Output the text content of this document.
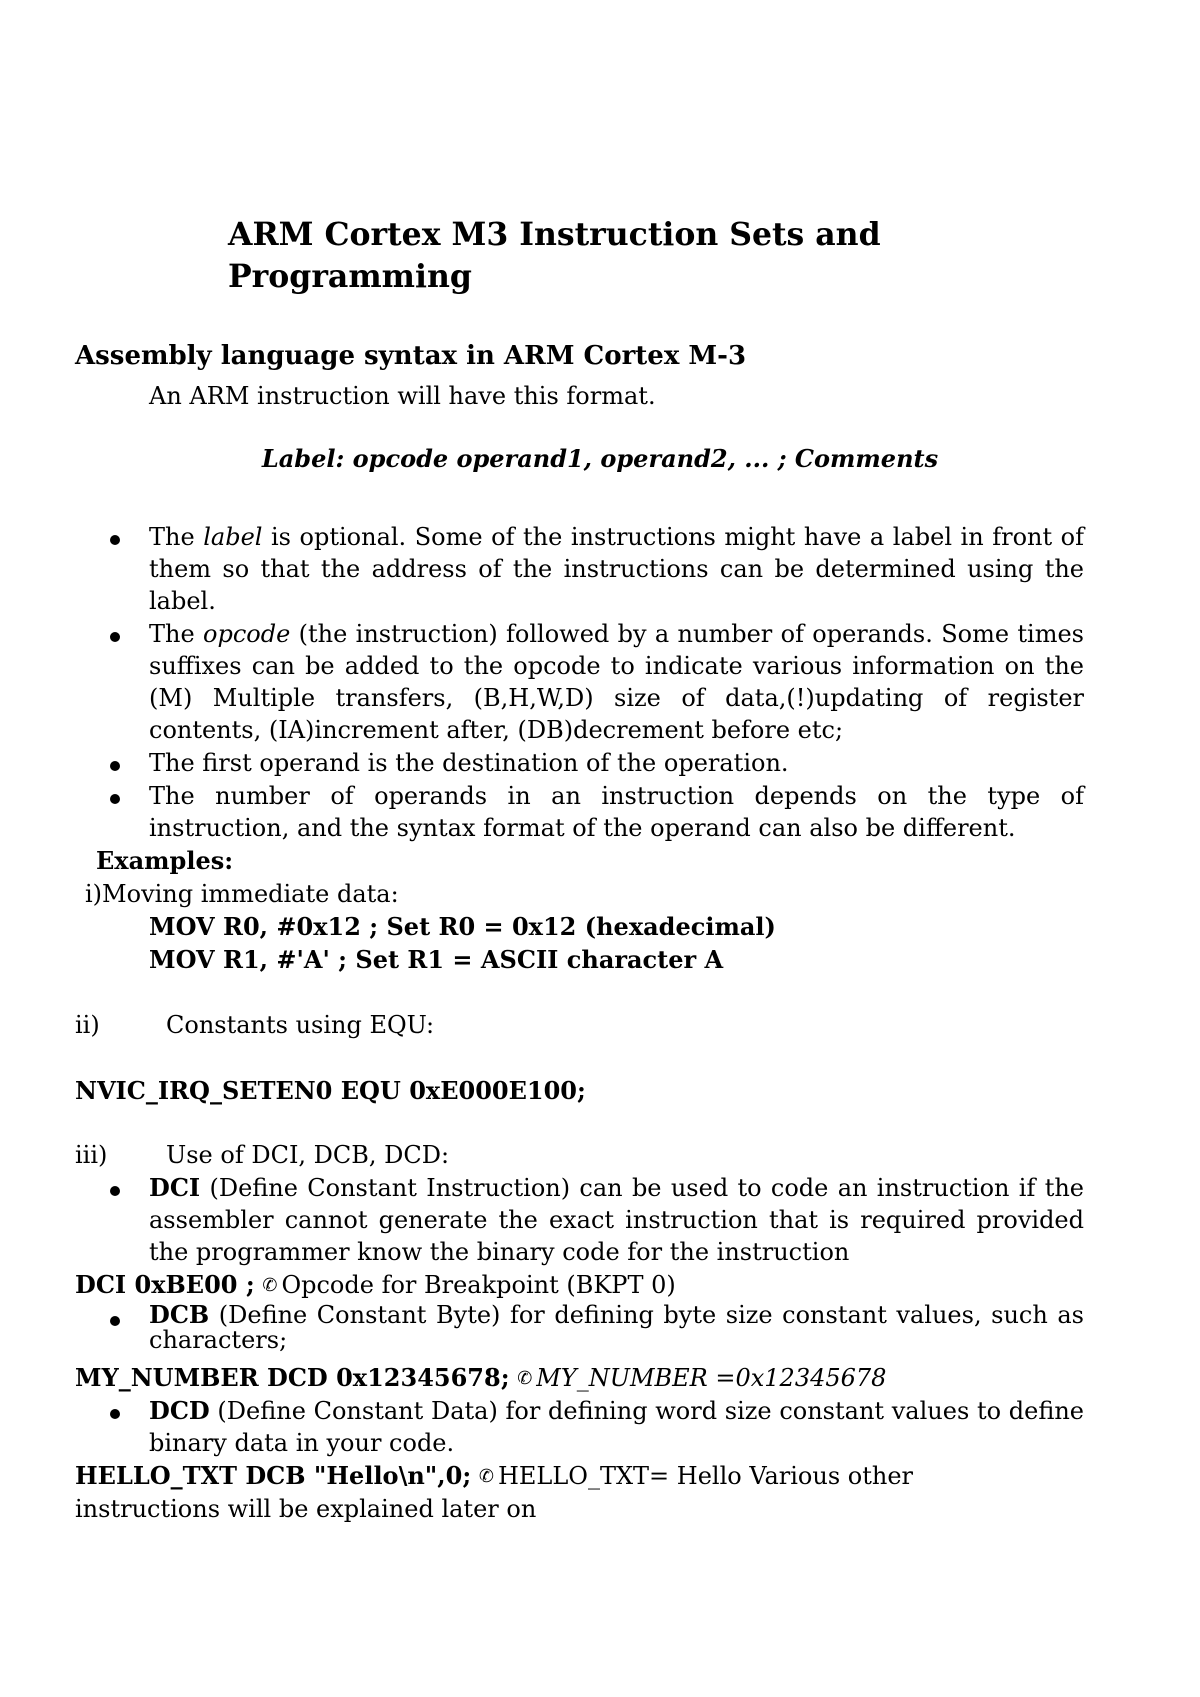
ARM Cortex M3 Instruction Sets and
Programming
Assembly language syntax in ARM Cortex M-3
An ARM instruction will have this format.
Label: opcode operand1, operand2, ... ; Comments
The label is optional. Some of the instructions might have a label in front of them so that the address of the instructions can be determined using the label.
The opcode (the instruction) followed by a number of operands. Some times suffixes can be added to the opcode to indicate various information on the (M) Multiple transfers, (B,H,W,D) size of data,(!)updating of register contents, (IA)increment after, (DB)decrement before etc;
The first operand is the destination of the operation.
The number of operands in an instruction depends on the type of instruction, and the syntax format of the operand can also be different.
Examples:
i)Moving immediate data:
MOV R0, #0x12 ; Set R0 = 0x12 (hexadecimal)
MOV R1, #'A' ; Set R1 = ASCII character A
ii)	Constants using EQU:
NVIC_IRQ_SETEN0 EQU 0xE000E100;
iii) Use of DCI, DCB, DCD:
DCI (Define Constant Instruction) can be used to code an instruction if the assembler cannot generate the exact instruction that is required provided the programmer know the binary code for the instruction
DCI 0xBE00 ; ✆ Opcode for Breakpoint (BKPT 0)
DCB (Define Constant Byte) for defining byte size constant values, such as characters;
MY_NUMBER DCD 0x12345678; ✆ MY_NUMBER =0x12345678
DCD (Define Constant Data) for defining word size constant values to define binary data in your code.
HELLO_TXT DCB "Hello\n",0; ✆ HELLO_TXT= Hello Various other
instructions will be explained later on
